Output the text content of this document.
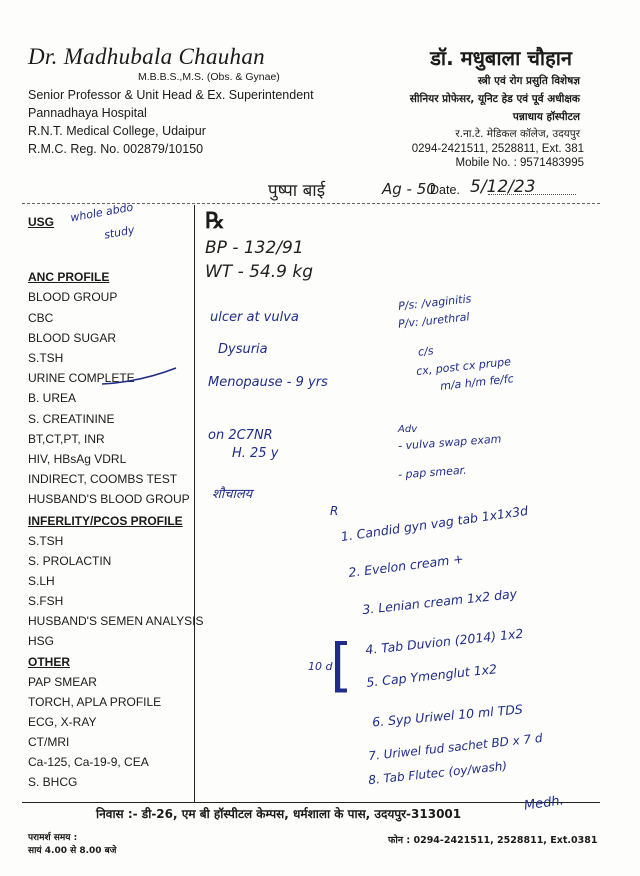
Dr. Madhubala Chauhan
M.B.B.S.,M.S. (Obs. & Gynae)
Senior Professor & Unit Head & Ex. Superintendent
Pannadhaya Hospital
R.N.T. Medical College, Udaipur
R.M.C. Reg. No. 002879/10150
डॉ. मधुबाला चौहान
स्त्री एवं रोग प्रसुति विशेषज्ञ
सीनियर प्रोफेसर, यूनिट हेड एवं पूर्व अधीक्षक
पन्नाधाय हॉस्पीटल
र.ना.टे. मेडिकल कॉलेज, उदयपुर
0294-2421511, 2528811, Ext. 381
Mobile No. : 9571483995
पुष्पा बाई	Ag - 50
Date. 5/12/23
USG whole abdo
study
ANC PROFILE
BLOOD GROUP
CBC
BLOOD SUGAR
S.TSH
URINE COMPLETE
B. UREA
S. CREATININE
BT,CT,PT, INR
HIV, HBsAg VDRL
INDIRECT, COOMBS TEST
HUSBAND'S BLOOD GROUP
INFERLITY/PCOS PROFILE
S.TSH
S. PROLACTIN
S.LH
S.FSH
HUSBAND'S SEMEN ANALYSIS
HSG
OTHER
PAP SMEAR
TORCH, APLA PROFILE
ECG, X-RAY
CT/MRI
Ca-125, Ca-19-9, CEA
S. BHCG
℞
BP - 132/91
WT - 54.9 kg
ulcer at vulva
Dysuria
Menopause - 9 yrs
on 2C7NR
H. 25 y
शौचालय
P/s: /vaginitis
P/v: /urethral
c/s
cx, post cx prupe
m/a h/m fe/fc
Adv
- vulva swap exam
- pap smear.
R 1. Candid gyn vag tab 1x1x3d
2. Evelon cream +
3. Lenian cream 1x2 day
4. Tab Duvion (2014) 1x2
5. Cap Ymenglut 1x2
6. Syp Uriwel 10 ml TDS
7. Uriwel fud sachet BD x 7 d
8. Tab Flutec (oy/wash)
[
10 d
Medh.
निवास :- डी-26, एम बी हॉस्पीटल केम्पस, धर्मशाला के पास, उदयपुर-313001
परामर्श समय :
सायं 4.00 से 8.00 बजे
फोन : 0294-2421511, 2528811, Ext.0381
